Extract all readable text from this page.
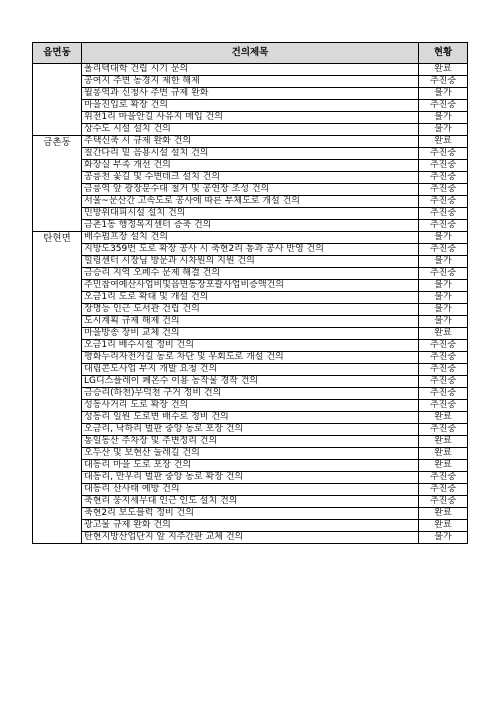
읍면동	건의제목	현황
	폴리텍대학 건립 시기 문의	완료
	공여지 주변 농경지 제한 해제	추진중
	월롱역과 신청사 주변 규제 완화	불가
	마을진입로 확장 건의	추진중
	위전1리 마을안길 사유지 매입 건의	불가
	상수도 시설 설치 건의	불가
금촌동	주택신축 시 규제 완화 건의	완료
	칠간다리 밑 음용시설 설치 건의	추진중
	화장실 부족 개선 건의	추진중
	공릉천 꽃길 및 수변데크 설치 건의	추진중
	금릉역 앞 광장분수대 철거 및 공연장 조성 건의	추진중
	서울~문산간 고속도로 공사에 따른 부체도로 개설 건의	추진중
	민방위대피시설 설치 건의	추진중
	금촌1동 행정복지센터 증축 건의	추진중
탄현면	배수펌프장 설치 건의	불가
	지방도359번 도로 확장 공사 시 축현2리 통과 공사 반영 건의	추진중
	힐링센터 시장님 방문과 시차원의 지원 건의	불가
	금승리 지역 오페수 문제 해결 건의	추진중
	주민참여예산사업비및읍면동장포괄사업비증액건의	불가
	오금1리 도로 확대 및 개설 건의	불가
	장명등 인근 도서관 건립 건의	불가
	도시계획 규제 해제 건의	불가
	마을방송 장비 교체 건의	완료
	오금1리 배수시설 정비 건의	추진중
	평화누리자전거길 농로 차단 및 우회도로 개설 건의	추진중
	대림콘도사업 부지 개발 요청 건의	추진중
	LG디스플레이 폐온수 이용 농작물 경작 건의	추진중
	금승리(하천)무덕천 구거 정비 건의	추진중
	성동사거리 도로 확장 건의	추진중
	성동리 일원 도로변 배수로 정비 건의	완료
	오금리, 낙하리 벌판 중앙 농로 포장 건의	추진중
	통일동산 주차장 및 주변정리 건의	완료
	오두산 및 보현산 둘레길 건의	완료
	대동리 마을 도로 포장 건의	완료
	대동리, 만우리 벌판 중앙 농로 확장 건의	추진중
	대동리 산사태 예방 건의	추진중
	축현리 웅지세무대 인근 인도 설치 건의	추진중
	축현2리 보도블럭 정비 건의	완료
	광고물 규제 완화 건의	완료
	탄현지방산업단지 앞 지주간판 교체 건의	불가
